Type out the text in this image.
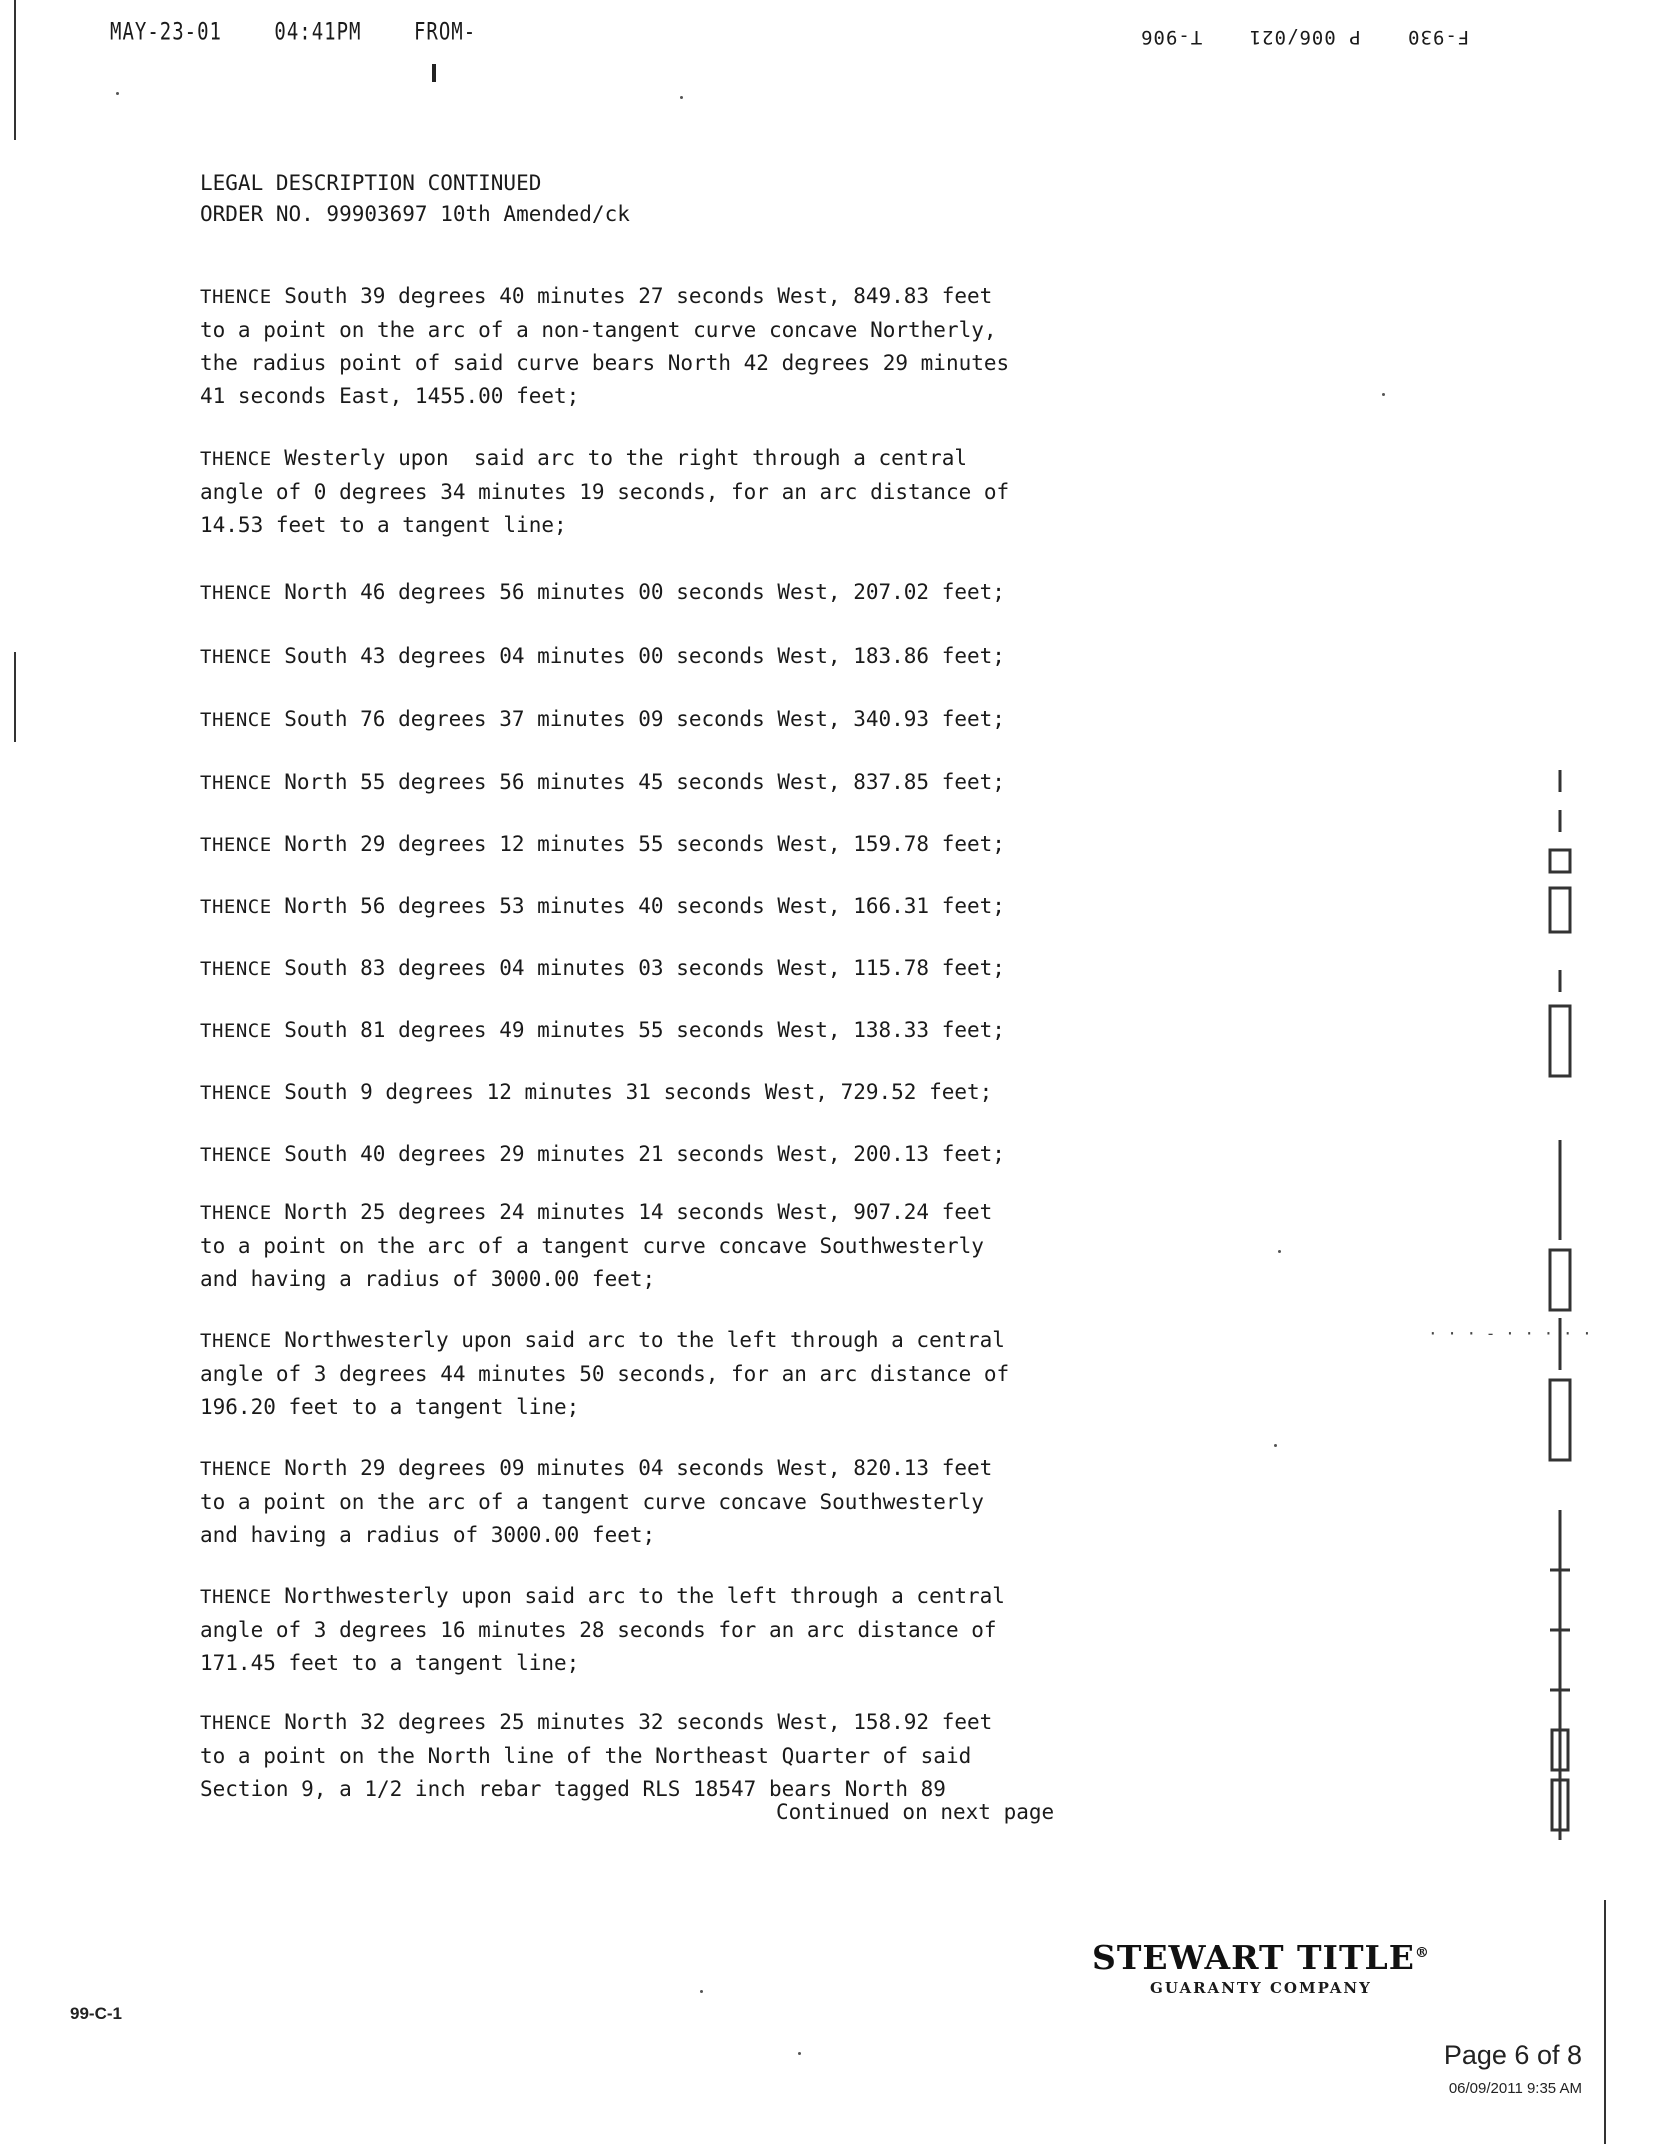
MAY-23-01	04:41PM	FROM-	F-930 P 006/021 T-906
LEGAL DESCRIPTION CONTINUED
ORDER NO. 99903697 10th Amended/ck
THENCE South 39 degrees 40 minutes 27 seconds West, 849.83 feet
to a point on the arc of a non-tangent curve concave Northerly,
the radius point of said curve bears North 42 degrees 29 minutes
41 seconds East, 1455.00 feet;
THENCE Westerly upon  said arc to the right through a central
angle of 0 degrees 34 minutes 19 seconds, for an arc distance of
14.53 feet to a tangent line;
THENCE North 46 degrees 56 minutes 00 seconds West, 207.02 feet;
THENCE South 43 degrees 04 minutes 00 seconds West, 183.86 feet;
THENCE South 76 degrees 37 minutes 09 seconds West, 340.93 feet;
THENCE North 55 degrees 56 minutes 45 seconds West, 837.85 feet;
THENCE North 29 degrees 12 minutes 55 seconds West, 159.78 feet;
THENCE North 56 degrees 53 minutes 40 seconds West, 166.31 feet;
THENCE South 83 degrees 04 minutes 03 seconds West, 115.78 feet;
THENCE South 81 degrees 49 minutes 55 seconds West, 138.33 feet;
THENCE South 9 degrees 12 minutes 31 seconds West, 729.52 feet;
THENCE South 40 degrees 29 minutes 21 seconds West, 200.13 feet;
THENCE North 25 degrees 24 minutes 14 seconds West, 907.24 feet
to a point on the arc of a tangent curve concave Southwesterly
and having a radius of 3000.00 feet;
THENCE Northwesterly upon said arc to the left through a central
angle of 3 degrees 44 minutes 50 seconds, for an arc distance of
196.20 feet to a tangent line;
THENCE North 29 degrees 09 minutes 04 seconds West, 820.13 feet
to a point on the arc of a tangent curve concave Southwesterly
and having a radius of 3000.00 feet;
THENCE Northwesterly upon said arc to the left through a central
angle of 3 degrees 16 minutes 28 seconds for an arc distance of
171.45 feet to a tangent line;
THENCE North 32 degrees 25 minutes 32 seconds West, 158.92 feet
to a point on the North line of the Northeast Quarter of said
Section 9, a 1/2 inch rebar tagged RLS 18547 bears North 89
Continued on next page
· · · ‐ · · · · ·
STEWART TITLE®
GUARANTY COMPANY
99-C-1
Page 6 of 8
06/09/2011 9:35 AM
